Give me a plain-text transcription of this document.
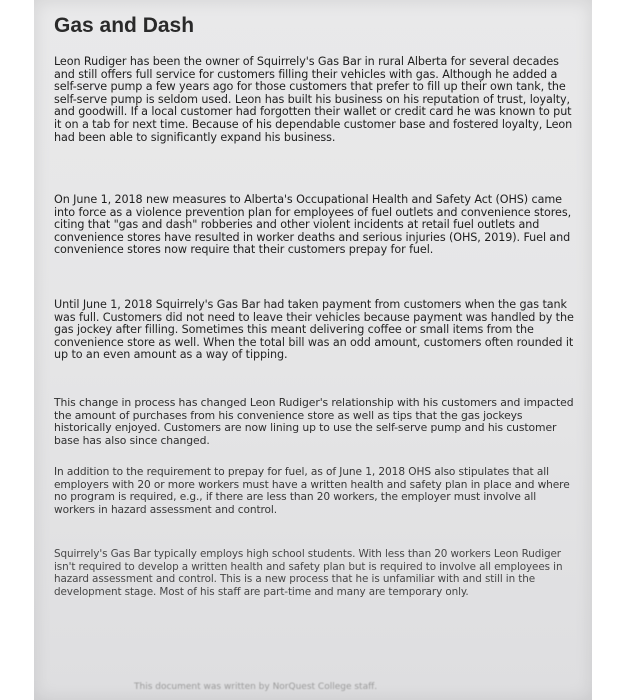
Gas and Dash

Leon Rudiger has been the owner of Squirrely's Gas Bar in rural Alberta for several decades and still offers full service for customers filling their vehicles with gas. Although he added a self-serve pump a few years ago for those customers that prefer to fill up their own tank, the self-serve pump is seldom used. Leon has built his business on his reputation of trust, loyalty, and goodwill. If a local customer had forgotten their wallet or credit card he was known to put it on a tab for next time. Because of his dependable customer base and fostered loyalty, Leon had been able to significantly expand his business.

On June 1, 2018 new measures to Alberta's Occupational Health and Safety Act (OHS) came into force as a violence prevention plan for employees of fuel outlets and convenience stores, citing that "gas and dash" robberies and other violent incidents at retail fuel outlets and convenience stores have resulted in worker deaths and serious injuries (OHS, 2019). Fuel and convenience stores now require that their customers prepay for fuel.

Until June 1, 2018 Squirrely's Gas Bar had taken payment from customers when the gas tank was full. Customers did not need to leave their vehicles because payment was handled by the gas jockey after filling. Sometimes this meant delivering coffee or small items from the convenience store as well. When the total bill was an odd amount, customers often rounded it up to an even amount as a way of tipping.

This change in process has changed Leon Rudiger's relationship with his customers and impacted the amount of purchases from his convenience store as well as tips that the gas jockeys historically enjoyed. Customers are now lining up to use the self-serve pump and his customer base has also since changed.

In addition to the requirement to prepay for fuel, as of June 1, 2018 OHS also stipulates that all employers with 20 or more workers must have a written health and safety plan in place and where no program is required, e.g., if there are less than 20 workers, the employer must involve all workers in hazard assessment and control.

Squirrely's Gas Bar typically employs high school students. With less than 20 workers Leon Rudiger isn't required to develop a written health and safety plan but is required to involve all employees in hazard assessment and control. This is a new process that he is unfamiliar with and still in the development stage. Most of his staff are part-time and many are temporary only.

This document was written by NorQuest College staff.
